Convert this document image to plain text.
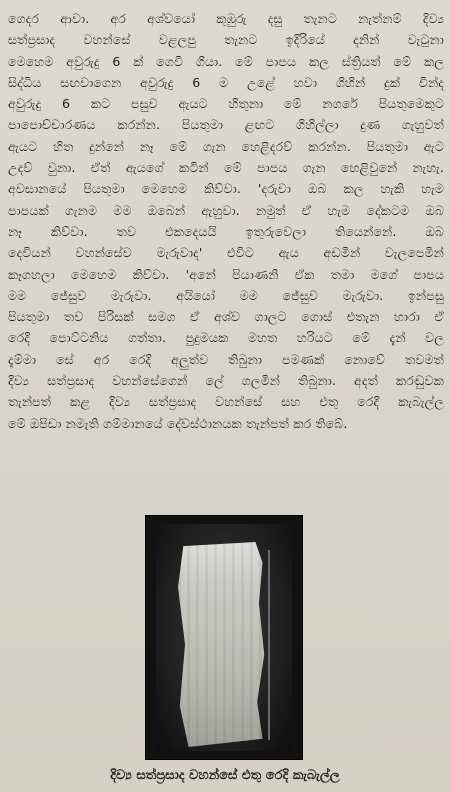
ගෙදර ආවා. අර අශ්වයෝ කුඹුරු දසු තැනට නැත්නම් දිව්‍ය
සත්ප්‍රසාද වහන්සේ වළලපු තැනට ඉදිරියේ දනින් වැටුනා
මෙහෙම අවුරුදු 6 ක් ගෙවී ගියා. මේ පාපය කල ස්ත්‍රියත් මේ කල
සිද්ධිය සඟවාගෙන අවුරුදු 6 ම උළේ හවා ගිහින් දුක් වින්ද
අවුරුදු 6 කට පසුව ඇයට හිතුනා මේ නගරේ පියතුමෙකුට
පාපොච්චාරණය කරන්න. පියතුමා ළඟට ගිහිල්ලා දුණ ගැහුවත්
ඇයට හිත දුන්නේ නෑ මේ ගැන හෙළිදරව් කරන්න. පියතුමා ඇට
උදව් වුනා. ඒත් ඇයගේ කටින් මේ පාපය ගැන හෙළිවුනේ නැහැ.
අවසානයේ පියතුමා මෙහෙම කිව්වා. 'දරුවා ඔබ කල හැකි හැම
පාපයක් ගැනම මම ඔබෙන් ඇහුවා. නමුත් ඒ හැම දේකටම ඔබ
නෑ කිව්වා. තව එකදෙයයි ඉතුරුවෙලා තියෙන්නේ. ඔබ
දෙවියන් වහන්සේව මැරුවාද' එවිට ඇය අඩමින් වැලපෙමින්
කෑගහලා මෙහෙම කිව්වා. 'අනේ පියාණනි ඒක තමා මගේ පාපය
මම ජේසුව මැරුවා. අයියෝ මම ජේසුව මැරුවා. ඉන්පසු
පියතුමා තව පිරිසක් සමග ඒ අශ්ව ගාලට ගොස් එතැන හාරා ඒ
රෙදි පොට්ටනිය ගත්තා. පුදුමයක මහත හරියට මේ දැන් වල
දැම්මා සේ අර රෙදි අලුත්ව තිබුනා පමණක් නොවේ තවමත්
දිව්‍ය සත්ප්‍රසාද වහන්සේගෙන් ලේ ගලමින් තිබුනා. අදත් කරඬුවක
තැන්පත් කළ දිව්‍ය සත්ප්‍රසාද වහන්සේ සහ එතු රෙදි කැබැල්ල
මේ ඔපිඩා නමැති ගම්මානයේ දේවස්ථානයක තැන්පත් කර තිබේ.
දිව්‍ය සත්ප්‍රසාද වහන්සේ එතු රෙදි කැබැල්ල
